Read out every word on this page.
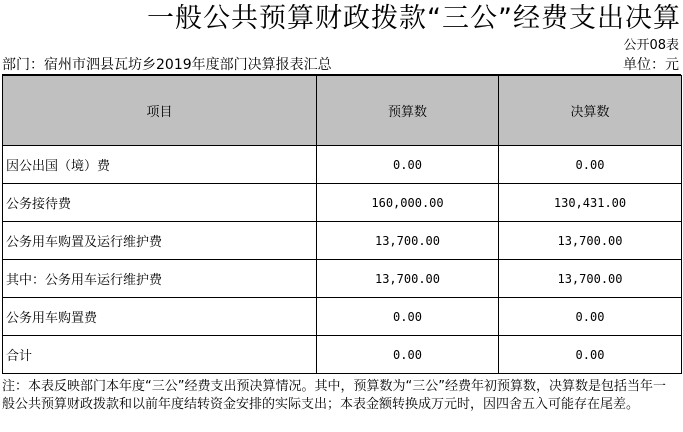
一般公共预算财政拨款“三公”经费支出决算
公开08表
部门：宿州市泗县瓦坊乡2019年度部门决算报表汇总	单位：元
项目	预算数	决算数
因公出国（境）费	0.00	0.00
公务接待费	160,000.00	130,431.00
公务用车购置及运行维护费	13,700.00	13,700.00
其中：公务用车运行维护费	13,700.00	13,700.00
公务用车购置费	0.00	0.00
合计	0.00	0.00
注：本表反映部门本年度“三公”经费支出预决算情况。其中，预算数为“三公”经费年初预算数，决算数是包括当年一般公共预算财政拨款和以前年度结转资金安排的实际支出；本表金额转换成万元时，因四舍五入可能存在尾差。
